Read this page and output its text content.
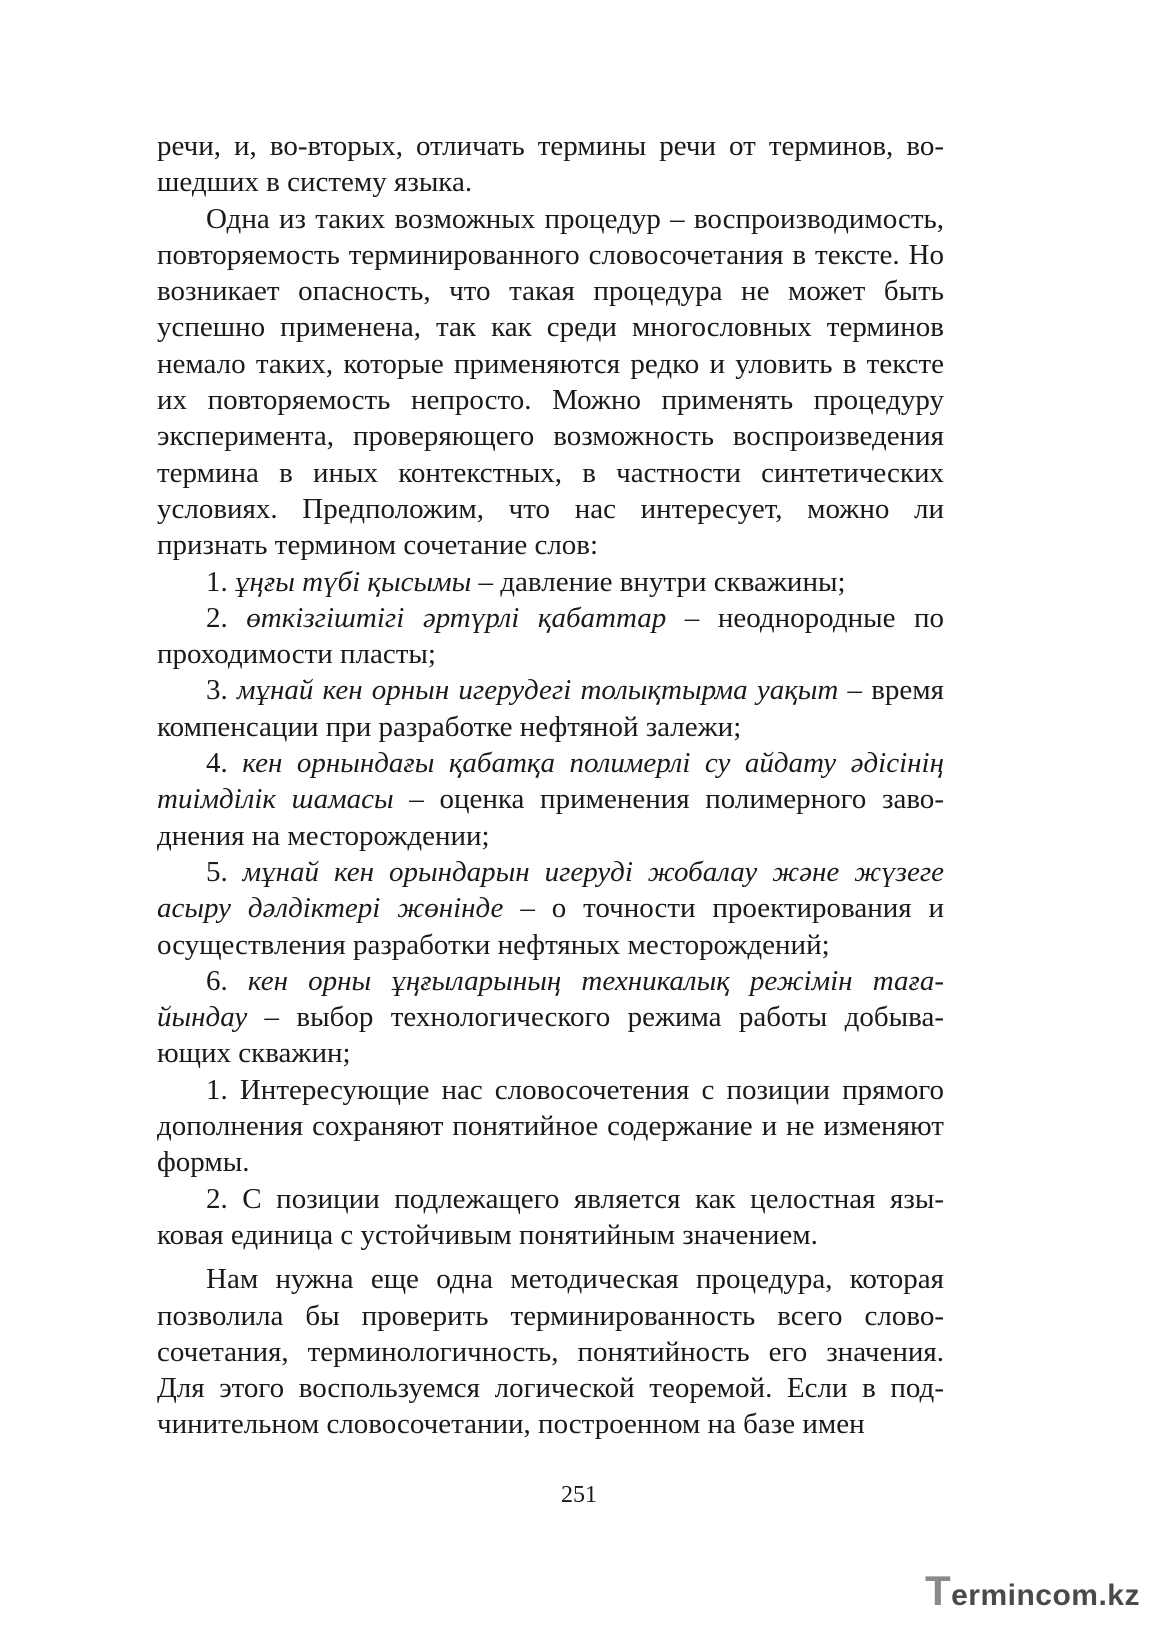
речи, и, во-вторых, отличать термины речи от терминов, вошедших в систему языка.

Одна из таких возможных процедур – воспроизводимость, повторяемость терминированного словосочетания в тексте. Но возникает опасность, что такая процедура не может быть успешно применена, так как среди многословных терминов немало таких, которые применяются редко и уловить в тексте их повторяемость непросто. Можно применять процедуру эксперимента, проверяющего возможность воспроизведения термина в иных контекстных, в частности синтетических условиях. Предположим, что нас интересует, можно ли признать термином сочетание слов:

1. ұңғы түбі қысымы – давление внутри скважины;

2. өткізгіштігі әртүрлі қабаттар – неоднородные по проходимости пласты;

3. мұнай кен орнын игерудегі толықтырма уақыт – время компенсации при разработке нефтяной залежи;

4. кен орнындағы қабатқа полимерлі су айдату әдісінің тиімділік шамасы – оценка применения полимерного заводнения на месторождении;

5. мұнай кен орындарын игеруді жобалау және жүзеге асыру дәлдіктері жөнінде – о точности проектирования и осуществления разработки нефтяных месторождений;

6. кен орны ұңғыларының техникалық режімін тағайындау – выбор технологического режима работы добывающих скважин;

1. Интересующие нас словосочетения с позиции прямого дополнения сохраняют понятийное содержание и не изменяют формы.

2. С позиции подлежащего является как целостная языковая единица с устойчивым понятийным значением.

Нам нужна еще одна методическая процедура, которая позволила бы проверить терминированность всего словосочетания, терминологичность, понятийность его значения. Для этого воспользуемся логической теоремой. Если в подчинительном словосочетании, построенном на базе имен

251
Termincom.kz
